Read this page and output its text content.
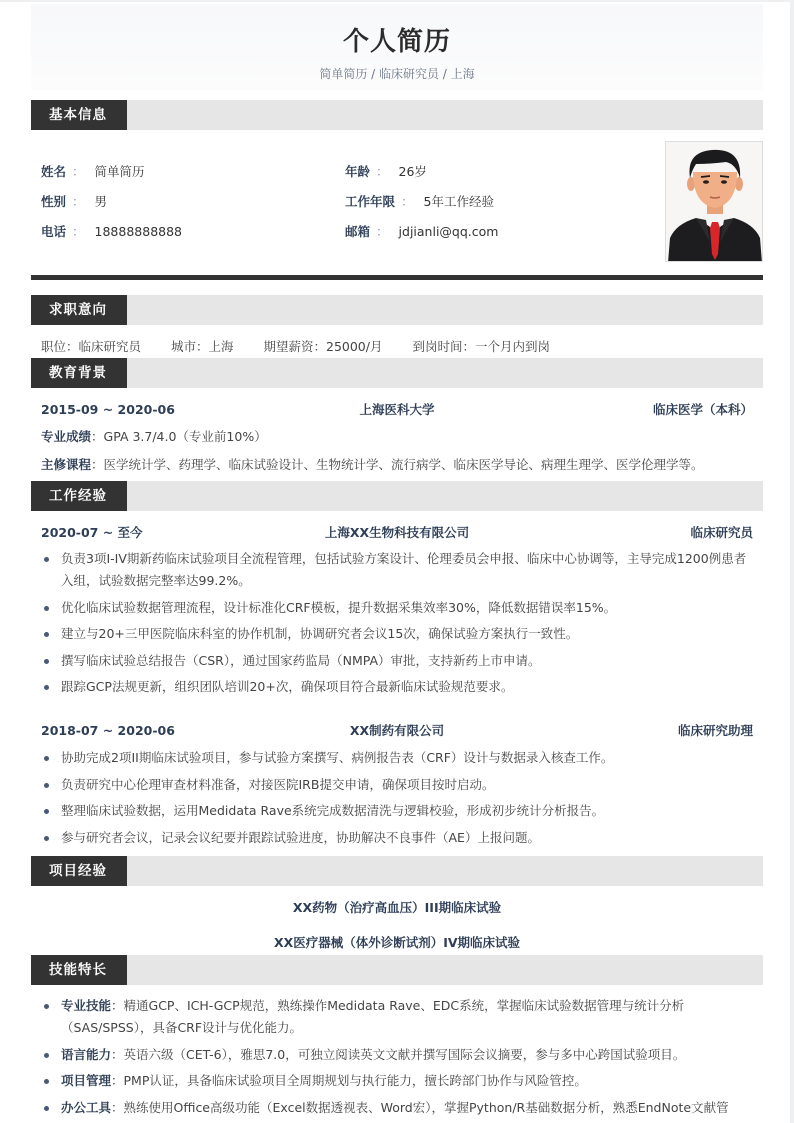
个人简历
简单简历 / 临床研究员 / 上海
基本信息
姓名 ： 简单简历
性别 ： 男
电话 ： 18888888888
年龄 ： 26岁
工作年限 ： 5年工作经验
邮箱 ： jdjianli@qq.com
求职意向
职位：临床研究员 城市：上海 期望薪资：25000/月 到岗时间：一个月内到岗
教育背景
2015-09 ~ 2020-06	上海医科大学	临床医学（本科）
专业成绩：GPA 3.7/4.0（专业前10%）
主修课程：医学统计学、药理学、临床试验设计、生物统计学、流行病学、临床医学导论、病理生理学、医学伦理学等。
工作经验
2020-07 ~ 至今	上海XX生物科技有限公司	临床研究员
负责3项I-IV期新药临床试验项目全流程管理，包括试验方案设计、伦理委员会申报、临床中心协调等，主导完成1200例患者入组，试验数据完整率达99.2%。
优化临床试验数据管理流程，设计标准化CRF模板，提升数据采集效率30%，降低数据错误率15%。
建立与20+三甲医院临床科室的协作机制，协调研究者会议15次，确保试验方案执行一致性。
撰写临床试验总结报告（CSR），通过国家药监局（NMPA）审批，支持新药上市申请。
跟踪GCP法规更新，组织团队培训20+次，确保项目符合最新临床试验规范要求。
2018-07 ~ 2020-06	XX制药有限公司	临床研究助理
协助完成2项II期临床试验项目，参与试验方案撰写、病例报告表（CRF）设计与数据录入核查工作。
负责研究中心伦理审查材料准备，对接医院IRB提交申请，确保项目按时启动。
整理临床试验数据，运用Medidata Rave系统完成数据清洗与逻辑校验，形成初步统计分析报告。
参与研究者会议，记录会议纪要并跟踪试验进度，协助解决不良事件（AE）上报问题。
项目经验
XX药物（治疗高血压）III期临床试验
XX医疗器械（体外诊断试剂）IV期临床试验
技能特长
专业技能：精通GCP、ICH-GCP规范，熟练操作Medidata Rave、EDC系统，掌握临床试验数据管理与统计分析（SAS/SPSS），具备CRF设计与优化能力。
语言能力：英语六级（CET-6），雅思7.0，可独立阅读英文文献并撰写国际会议摘要，参与多中心跨国试验项目。
项目管理：PMP认证，具备临床试验项目全周期规划与执行能力，擅长跨部门协作与风险管控。
办公工具：熟练使用Office高级功能（Excel数据透视表、Word宏），掌握Python/R基础数据分析，熟悉EndNote文献管
